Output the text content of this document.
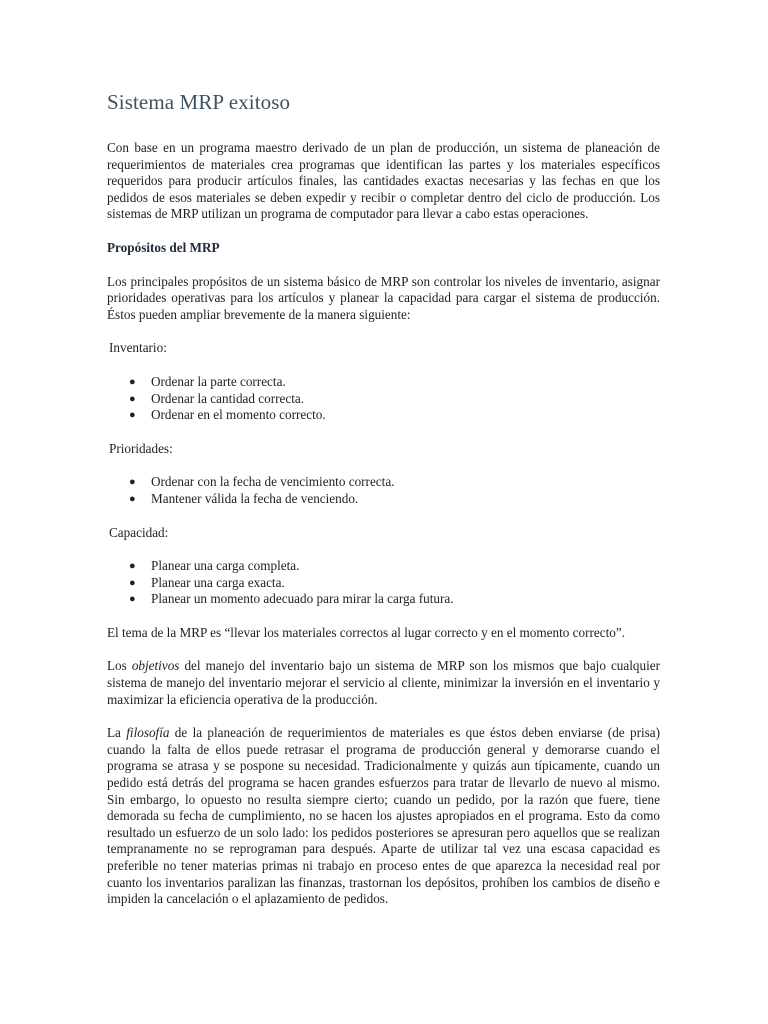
Sistema MRP exitoso

Con base en un programa maestro derivado de un plan de producción, un sistema de planeación de requerimientos de materiales crea programas que identifican las partes y los materiales específicos requeridos para producir artículos finales, las cantidades exactas necesarias y las fechas en que los pedidos de esos materiales se deben expedir y recibir o completar dentro del ciclo de producción. Los sistemas de MRP utilizan un programa de computador para llevar a cabo estas operaciones.

Propósitos del MRP

Los principales propósitos de un sistema básico de MRP son controlar los niveles de inventario, asignar prioridades operativas para los artículos y planear la capacidad para cargar el sistema de producción. Éstos pueden ampliar brevemente de la manera siguiente:

Inventario:
● Ordenar la parte correcta.
● Ordenar la cantidad correcta.
● Ordenar en el momento correcto.
Prioridades:
● Ordenar con la fecha de vencimiento correcta.
● Mantener válida la fecha de venciendo.
Capacidad:
● Planear una carga completa.
● Planear una carga exacta.
● Planear un momento adecuado para mirar la carga futura.

El tema de la MRP es “llevar los materiales correctos al lugar correcto y en el momento correcto”.

Los objetivos del manejo del inventario bajo un sistema de MRP son los mismos que bajo cualquier sistema de manejo del inventario mejorar el servicio al cliente, minimizar la inversión en el inventario y maximizar la eficiencia operativa de la producción.

La filosofía de la planeación de requerimientos de materiales es que éstos deben enviarse (de prisa) cuando la falta de ellos puede retrasar el programa de producción general y demorarse cuando el programa se atrasa y se pospone su necesidad. Tradicionalmente y quizás aun típicamente, cuando un pedido está detrás del programa se hacen grandes esfuerzos para tratar de llevarlo de nuevo al mismo. Sin embargo, lo opuesto no resulta siempre cierto; cuando un pedido, por la razón que fuere, tiene demorada su fecha de cumplimiento, no se hacen los ajustes apropiados en el programa. Esto da como resultado un esfuerzo de un solo lado: los pedidos posteriores se apresuran pero aquellos que se realizan tempranamente no se reprograman para después. Aparte de utilizar tal vez una escasa capacidad es preferible no tener materias primas ni trabajo en proceso entes de que aparezca la necesidad real por cuanto los inventarios paralizan las finanzas, trastornan los depósitos, prohíben los cambios de diseño e impiden la cancelación o el aplazamiento de pedidos.
